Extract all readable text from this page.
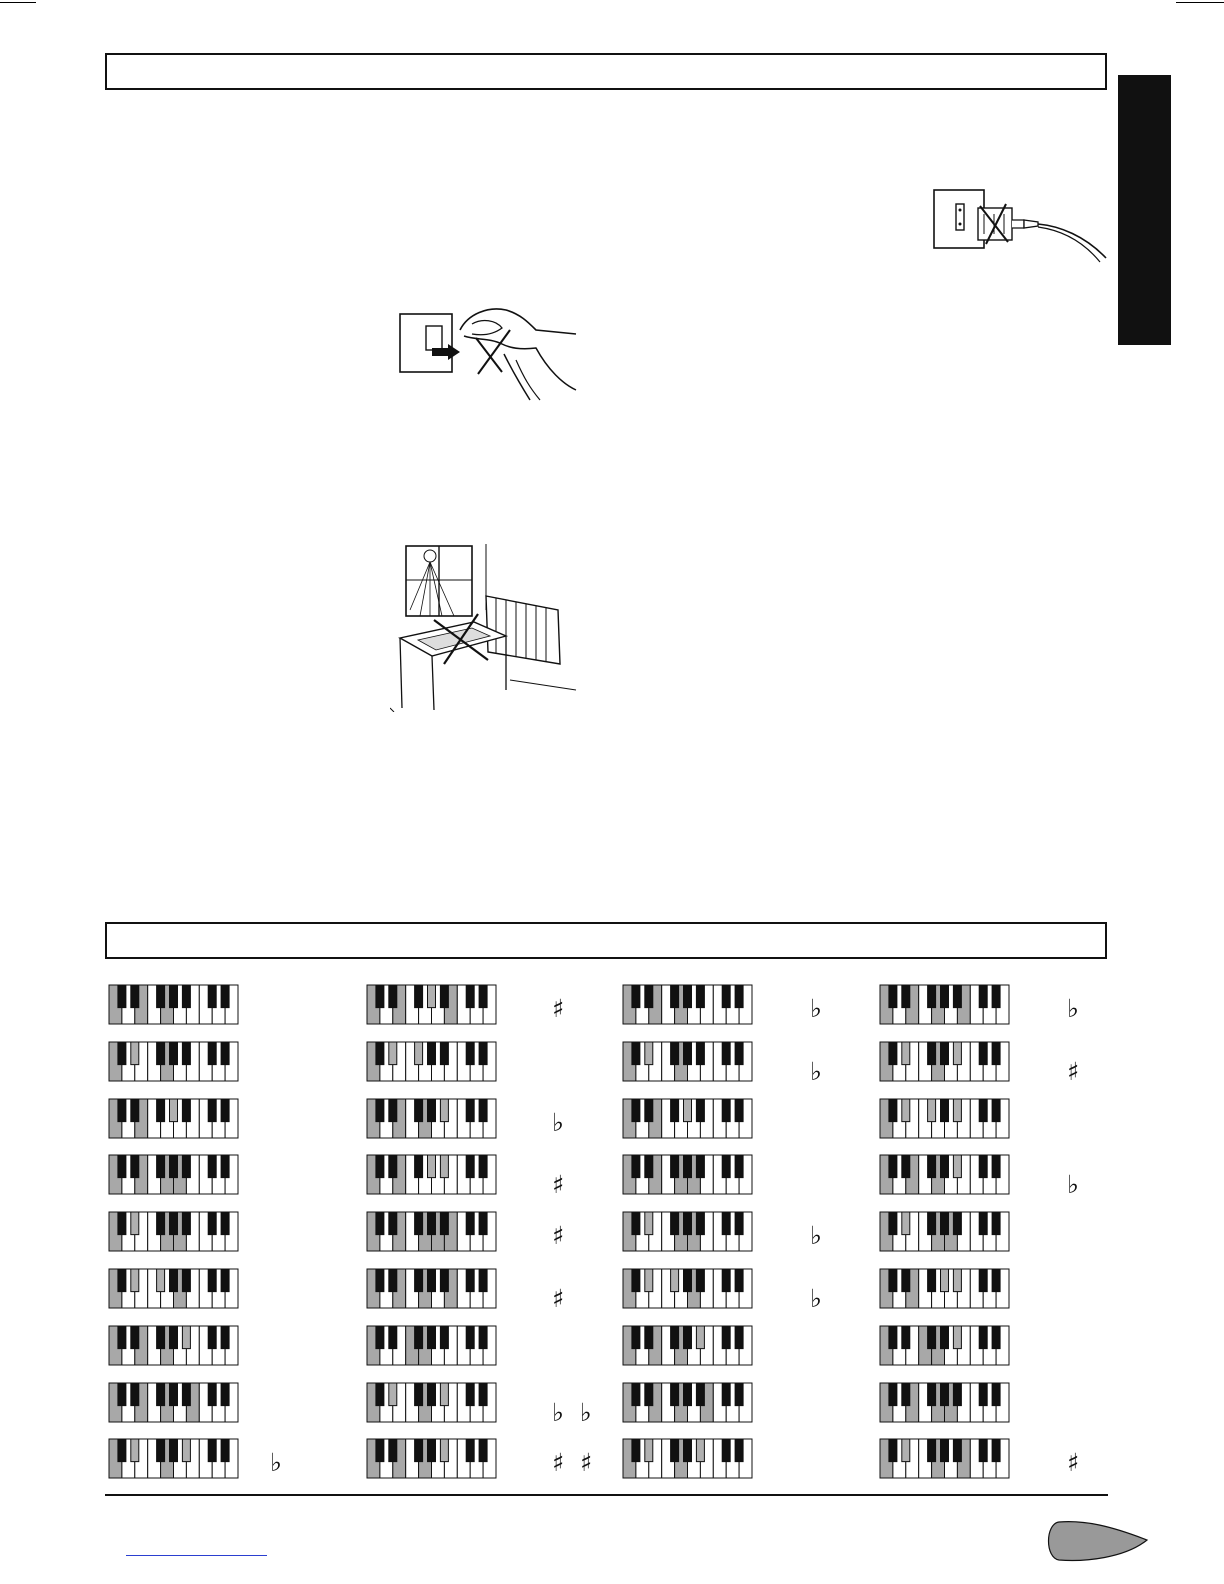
♭
♯
♭
♯
♯
♯
♭ ♭
♯ ♯
♭
♭
♭
♭
♭
♯
♭
♯
